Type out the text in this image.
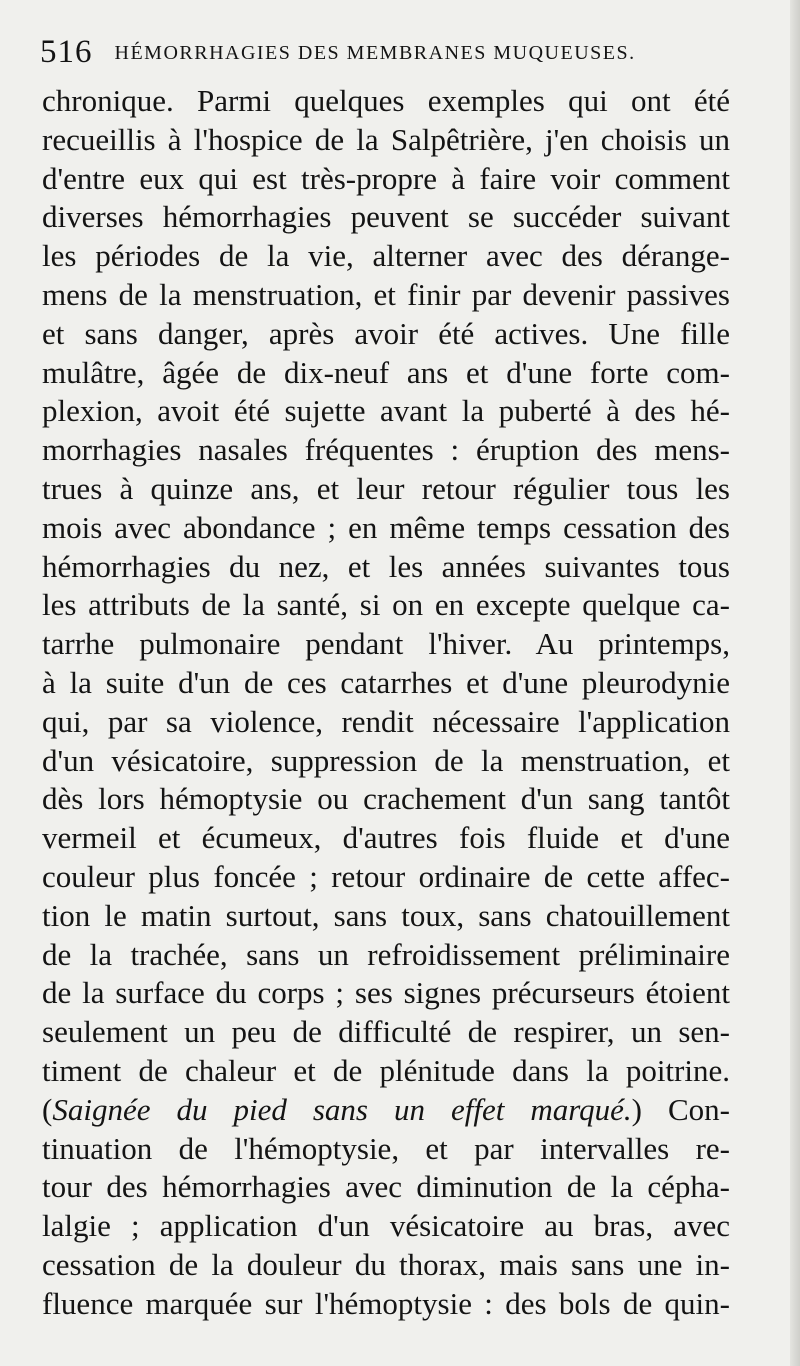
516 HÉMORRHAGIES DES MEMBRANES MUQUEUSES.
chronique. Parmi quelques exemples qui ont été
recueillis à l'hospice de la Salpêtrière, j'en choisis un
d'entre eux qui est très-propre à faire voir comment
diverses hémorrhagies peuvent se succéder suivant
les périodes de la vie, alterner avec des dérange-
mens de la menstruation, et finir par devenir passives
et sans danger, après avoir été actives. Une fille
mulâtre, âgée de dix-neuf ans et d'une forte com-
plexion, avoit été sujette avant la puberté à des hé-
morrhagies nasales fréquentes : éruption des mens-
trues à quinze ans, et leur retour régulier tous les
mois avec abondance ; en même temps cessation des
hémorrhagies du nez, et les années suivantes tous
les attributs de la santé, si on en excepte quelque ca-
tarrhe pulmonaire pendant l'hiver. Au printemps,
à la suite d'un de ces catarrhes et d'une pleurodynie
qui, par sa violence, rendit nécessaire l'application
d'un vésicatoire, suppression de la menstruation, et
dès lors hémoptysie ou crachement d'un sang tantôt
vermeil et écumeux, d'autres fois fluide et d'une
couleur plus foncée ; retour ordinaire de cette affec-
tion le matin surtout, sans toux, sans chatouillement
de la trachée, sans un refroidissement préliminaire
de la surface du corps ; ses signes précurseurs étoient
seulement un peu de difficulté de respirer, un sen-
timent de chaleur et de plénitude dans la poitrine.
(Saignée du pied sans un effet marqué.) Con-
tinuation de l'hémoptysie, et par intervalles re-
tour des hémorrhagies avec diminution de la cépha-
lalgie ; application d'un vésicatoire au bras, avec
cessation de la douleur du thorax, mais sans une in-
fluence marquée sur l'hémoptysie : des bols de quin-
